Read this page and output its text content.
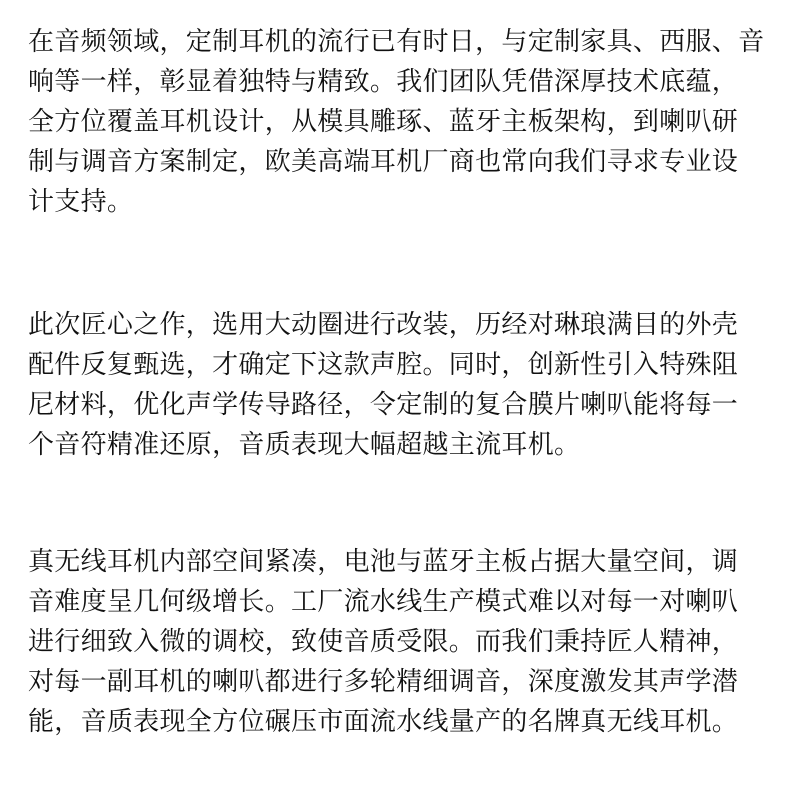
在音频领域，定制耳机的流行已有时日，与定制家具、西服、音
响等一样，彰显着独特与精致。我们团队凭借深厚技术底蕴，
全方位覆盖耳机设计，从模具雕琢、蓝牙主板架构，到喇叭研
制与调音方案制定，欧美高端耳机厂商也常向我们寻求专业设
计支持。
此次匠心之作，选用大动圈进行改装，历经对琳琅满目的外壳
配件反复甄选，才确定下这款声腔。同时，创新性引入特殊阻
尼材料，优化声学传导路径，令定制的复合膜片喇叭能将每一
个音符精准还原，音质表现大幅超越主流耳机。
真无线耳机内部空间紧凑，电池与蓝牙主板占据大量空间，调
音难度呈几何级增长。工厂流水线生产模式难以对每一对喇叭
进行细致入微的调校，致使音质受限。而我们秉持匠人精神，
对每一副耳机的喇叭都进行多轮精细调音，深度激发其声学潜
能，音质表现全方位碾压市面流水线量产的名牌真无线耳机。
